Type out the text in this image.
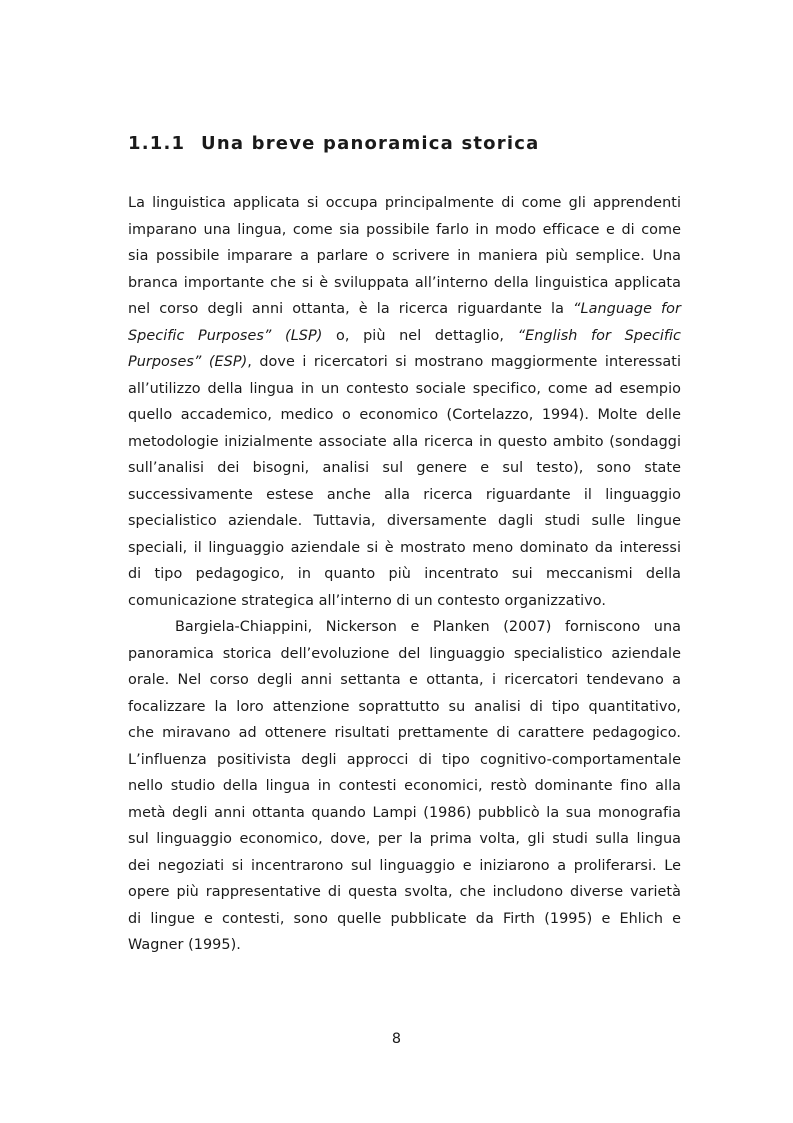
1.1.1 Una breve panoramica storica

La linguistica applicata si occupa principalmente di come gli apprendenti
imparano una lingua, come sia possibile farlo in modo efficace e di come
sia possibile imparare a parlare o scrivere in maniera più semplice. Una
branca importante che si è sviluppata all’interno della linguistica applicata
nel corso degli anni ottanta, è la ricerca riguardante la “Language for
Specific Purposes” (LSP) o, più nel dettaglio, “English for Specific
Purposes” (ESP), dove i ricercatori si mostrano maggiormente interessati
all’utilizzo della lingua in un contesto sociale specifico, come ad esempio
quello accademico, medico o economico (Cortelazzo, 1994). Molte delle
metodologie inizialmente associate alla ricerca in questo ambito (sondaggi
sull’analisi dei bisogni, analisi sul genere e sul testo), sono state
successivamente estese anche alla ricerca riguardante il linguaggio
specialistico aziendale. Tuttavia, diversamente dagli studi sulle lingue
speciali, il linguaggio aziendale si è mostrato meno dominato da interessi
di tipo pedagogico, in quanto più incentrato sui meccanismi della
comunicazione strategica all’interno di un contesto organizzativo.

Bargiela-Chiappini, Nickerson e Planken (2007) forniscono una
panoramica storica dell’evoluzione del linguaggio specialistico aziendale
orale. Nel corso degli anni settanta e ottanta, i ricercatori tendevano a
focalizzare la loro attenzione soprattutto su analisi di tipo quantitativo,
che miravano ad ottenere risultati prettamente di carattere pedagogico.
L’influenza positivista degli approcci di tipo cognitivo-comportamentale
nello studio della lingua in contesti economici, restò dominante fino alla
metà degli anni ottanta quando Lampi (1986) pubblicò la sua monografia
sul linguaggio economico, dove, per la prima volta, gli studi sulla lingua
dei negoziati si incentrarono sul linguaggio e iniziarono a proliferarsi. Le
opere più rappresentative di questa svolta, che includono diverse varietà
di lingue e contesti, sono quelle pubblicate da Firth (1995) e Ehlich e
Wagner (1995).

8
